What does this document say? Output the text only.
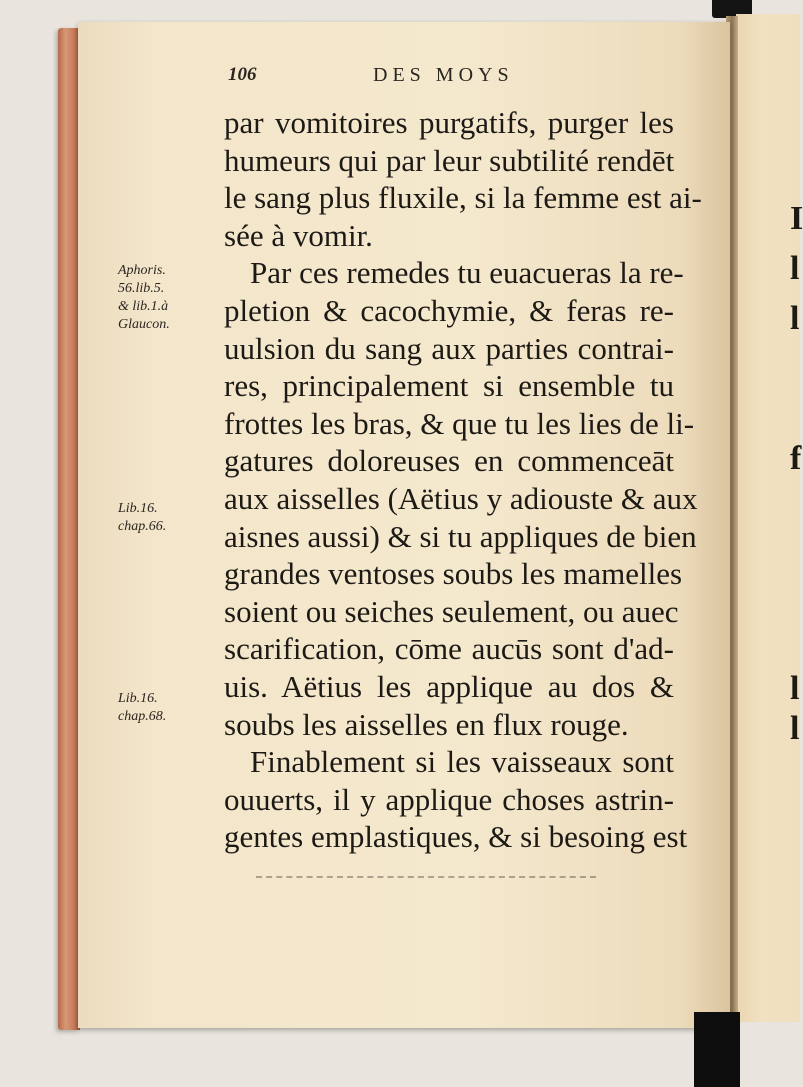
106	DES MOYS
par vomitoires purgatifs, purger les
humeurs qui par leur subtilité rendēt
le sang plus fluxile, si la femme est ai-
sée à vomir.
Par ces remedes tu euacueras la re-
pletion & cacochymie, & feras re-
uulsion du sang aux parties contrai-
res, principalement si ensemble tu
frottes les bras, & que tu les lies de li-
gatures doloreuses en commenceāt
aux aisselles (Aëtius y adiouste & aux
aisnes aussi) & si tu appliques de bien
grandes ventoses soubs les mamelles
soient ou seiches seulement, ou auec
scarification, cōme aucūs sont d'ad-
uis. Aëtius les applique au dos &
soubs les aisselles en flux rouge.
Finablement si les vaisseaux sont
ouuerts, il y applique choses astrin-
gentes emplastiques, & si besoing est
Aphoris.
56.lib.5.
& lib.1.à
Glaucon.
Lib.16.
chap.66.
Lib.16.
chap.68.
I
l
l
f
l
l
